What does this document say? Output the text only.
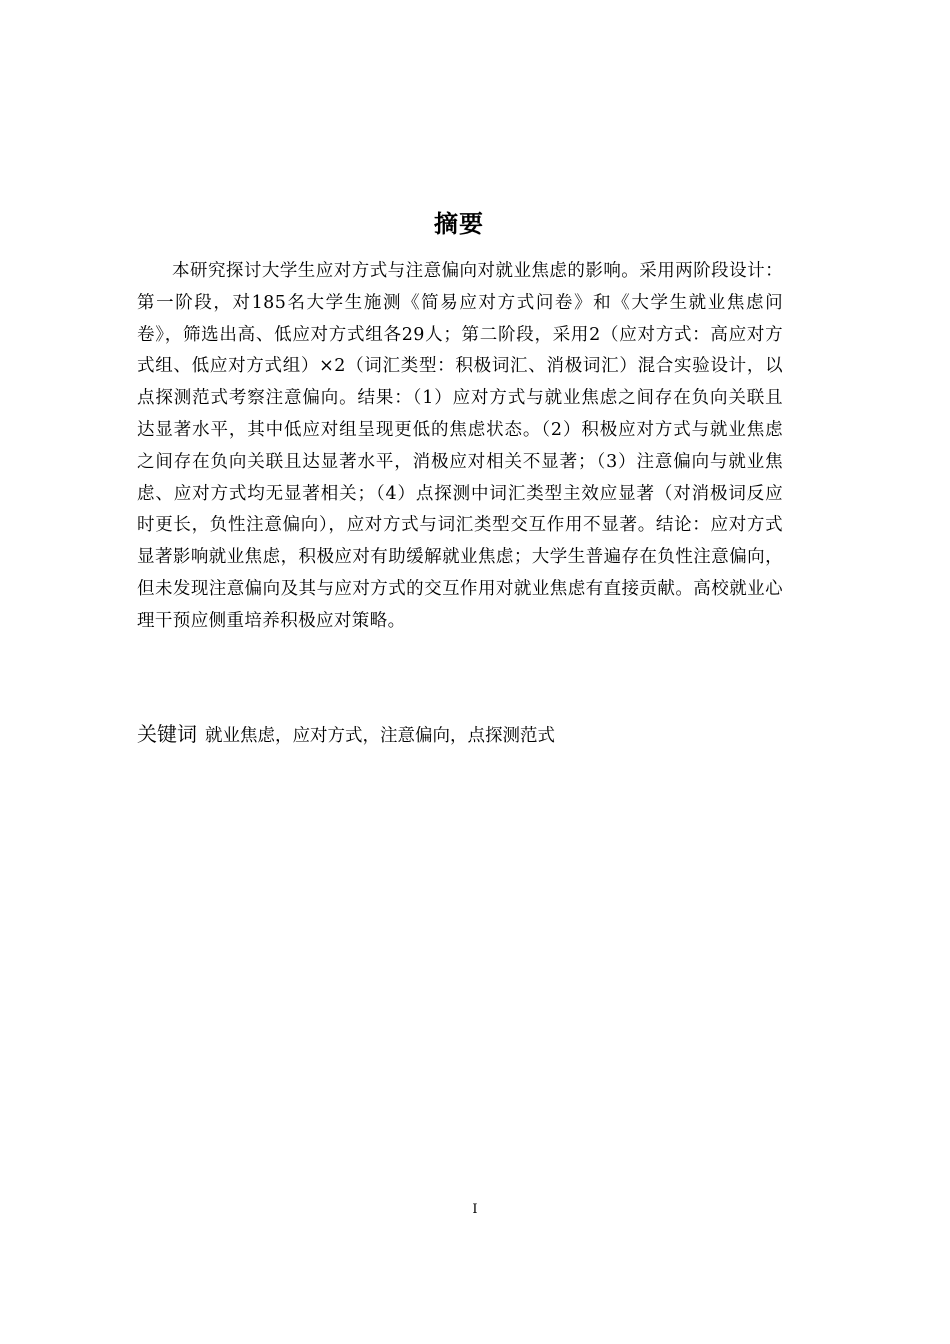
摘要

本研究探讨大学生应对方式与注意偏向对就业焦虑的影响。采用两阶段设计：第一阶段，对185名大学生施测《简易应对方式问卷》和《大学生就业焦虑问卷》，筛选出高、低应对方式组各29人；第二阶段，采用2（应对方式：高应对方式组、低应对方式组）×2（词汇类型：积极词汇、消极词汇）混合实验设计，以点探测范式考察注意偏向。结果：（1）应对方式与就业焦虑之间存在负向关联且达显著水平，其中低应对组呈现更低的焦虑状态。（2）积极应对方式与就业焦虑之间存在负向关联且达显著水平，消极应对相关不显著；（3）注意偏向与就业焦虑、应对方式均无显著相关；（4）点探测中词汇类型主效应显著（对消极词反应时更长，负性注意偏向），应对方式与词汇类型交互作用不显著。结论：应对方式显著影响就业焦虑，积极应对有助缓解就业焦虑；大学生普遍存在负性注意偏向，但未发现注意偏向及其与应对方式的交互作用对就业焦虑有直接贡献。高校就业心理干预应侧重培养积极应对策略。

关键词 就业焦虑，应对方式，注意偏向，点探测范式
I
